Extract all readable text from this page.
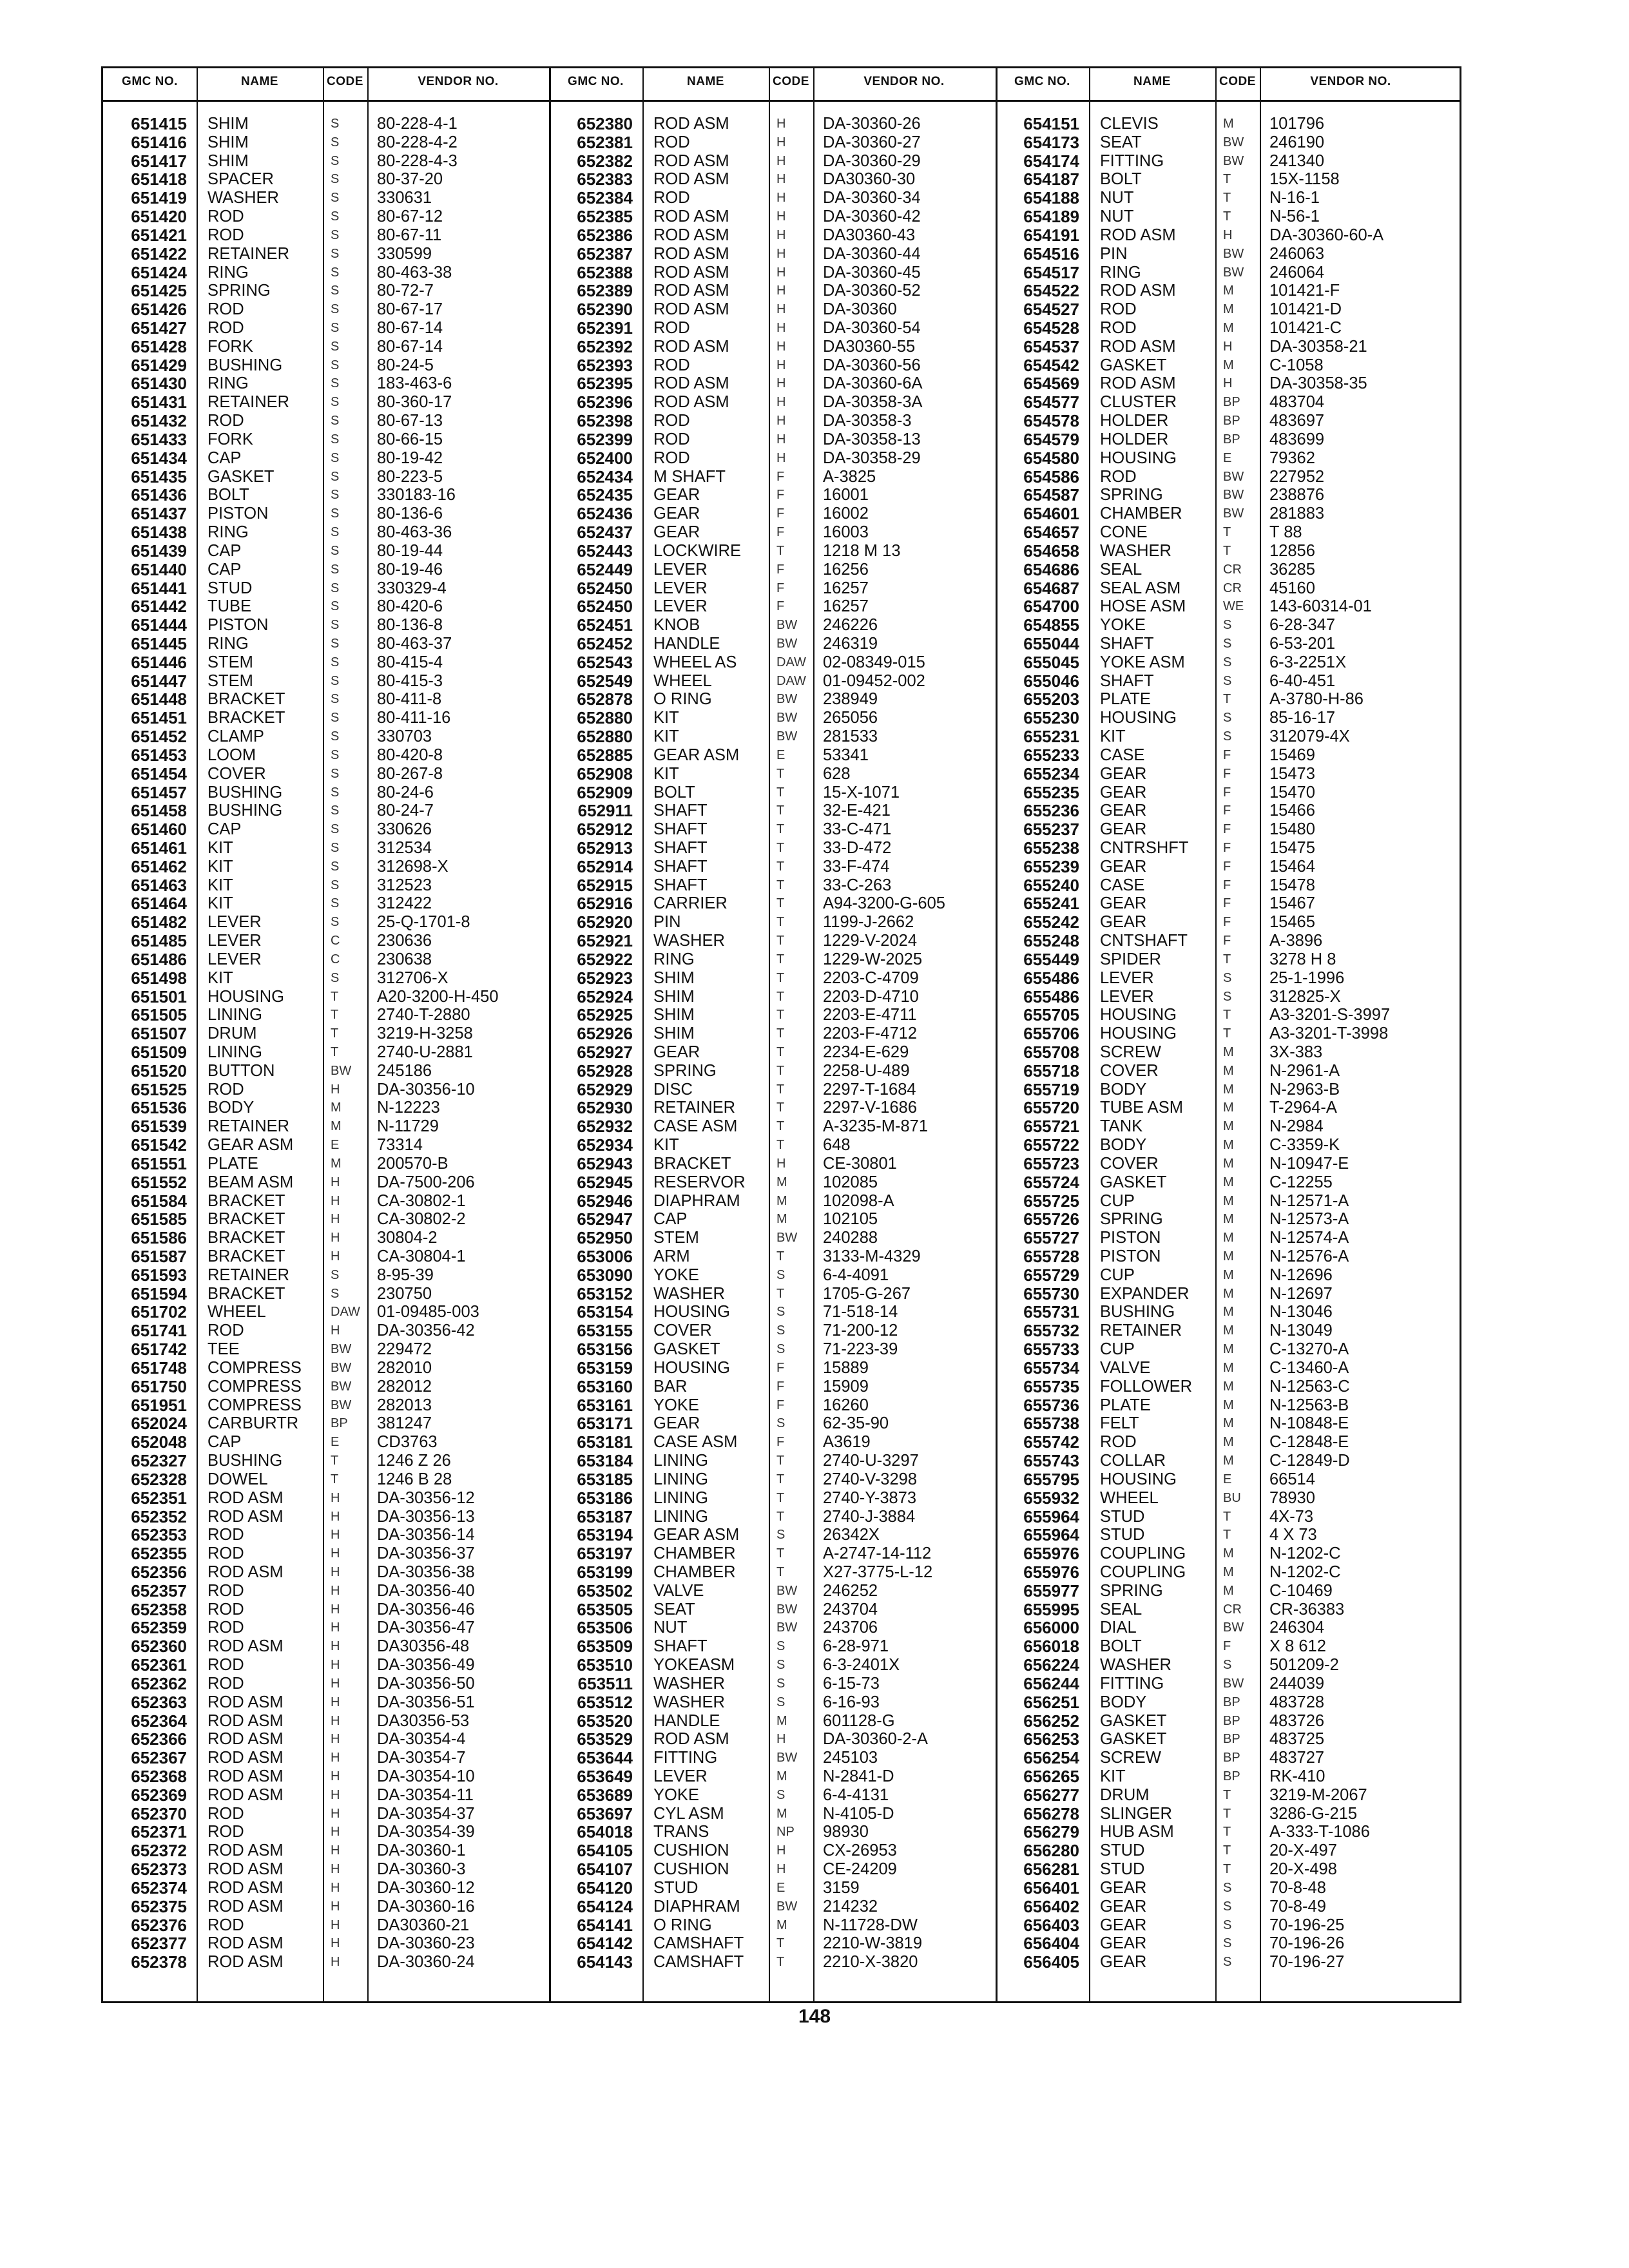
GMC NO.	NAME	CODE	VENDOR NO.	GMC NO.	NAME	CODE	VENDOR NO.	GMC NO.	NAME	CODE	VENDOR NO.
651415 SHIM	S	80-228-4-1
651416 SHIM	S	80-228-4-2
651417 SHIM	S	80-228-4-3
651418 SPACER	S	80-37-20
651419 WASHER	S	330631
651420 ROD	S	80-67-12
651421 ROD	S	80-67-11
651422 RETAINER	S	330599
651424 RING	S	80-463-38
651425 SPRING	S	80-72-7
651426 ROD	S	80-67-17
651427 ROD	S	80-67-14
651428 FORK	S	80-67-14
651429 BUSHING	S	80-24-5
651430 RING	S	183-463-6
651431 RETAINER	S	80-360-17
651432 ROD	S	80-67-13
651433 FORK	S	80-66-15
651434 CAP	S	80-19-42
651435 GASKET	S	80-223-5
651436 BOLT	S	330183-16
651437 PISTON	S	80-136-6
651438 RING	S	80-463-36
651439 CAP	S	80-19-44
651440 CAP	S	80-19-46
651441 STUD	S	330329-4
651442 TUBE	S	80-420-6
651444 PISTON	S	80-136-8
651445 RING	S	80-463-37
651446 STEM	S	80-415-4
651447 STEM	S	80-415-3
651448 BRACKET	S	80-411-8
651451 BRACKET	S	80-411-16
651452 CLAMP	S	330703
651453 LOOM	S	80-420-8
651454 COVER	S	80-267-8
651457 BUSHING	S	80-24-6
651458 BUSHING	S	80-24-7
651460 CAP	S	330626
651461 KIT	S	312534
651462 KIT	S	312698-X
651463 KIT	S	312523
651464 KIT	S	312422
651482 LEVER	S	25-Q-1701-8
651485 LEVER	C	230636
651486 LEVER	C	230638
651498 KIT	S	312706-X
651501 HOUSING	T	A20-3200-H-450
651505 LINING	T	2740-T-2880
651507 DRUM	T	3219-H-3258
651509 LINING	T	2740-U-2881
651520 BUTTON	BW	245186
651525 ROD	H	DA-30356-10
651536 BODY	M	N-12223
651539 RETAINER	M	N-11729
651542 GEAR ASM	E	73314
651551 PLATE	M	200570-B
651552 BEAM ASM	H	DA-7500-206
651584 BRACKET	H	CA-30802-1
651585 BRACKET	H	CA-30802-2
651586 BRACKET	H	30804-2
651587 BRACKET	H	CA-30804-1
651593 RETAINER	S	8-95-39
651594 BRACKET	S	230750
651702 WHEEL	DAW	01-09485-003
651741 ROD	H	DA-30356-42
651742 TEE	BW	229472
651748 COMPRESS	BW	282010
651750 COMPRESS	BW	282012
651951 COMPRESS	BW	282013
652024 CARBURTR	BP	381247
652048 CAP	E	CD3763
652327 BUSHING	T	1246 Z 26
652328 DOWEL	T	1246 B 28
652351 ROD ASM	H	DA-30356-12
652352 ROD ASM	H	DA-30356-13
652353 ROD	H	DA-30356-14
652355 ROD	H	DA-30356-37
652356 ROD ASM	H	DA-30356-38
652357 ROD	H	DA-30356-40
652358 ROD	H	DA-30356-46
652359 ROD	H	DA-30356-47
652360 ROD ASM	H	DA30356-48
652361 ROD	H	DA-30356-49
652362 ROD	H	DA-30356-50
652363 ROD ASM	H	DA-30356-51
652364 ROD ASM	H	DA30356-53
652366 ROD ASM	H	DA-30354-4
652367 ROD ASM	H	DA-30354-7
652368 ROD ASM	H	DA-30354-10
652369 ROD ASM	H	DA-30354-11
652370 ROD	H	DA-30354-37
652371 ROD	H	DA-30354-39
652372 ROD ASM	H	DA-30360-1
652373 ROD ASM	H	DA-30360-3
652374 ROD ASM	H	DA-30360-12
652375 ROD ASM	H	DA-30360-16
652376 ROD	H	DA30360-21
652377 ROD ASM	H	DA-30360-23
652378 ROD ASM	H	DA-30360-24
652380 ROD ASM	H	DA-30360-26
652381 ROD	H	DA-30360-27
652382 ROD ASM	H	DA-30360-29
652383 ROD ASM	H	DA30360-30
652384 ROD	H	DA-30360-34
652385 ROD ASM	H	DA-30360-42
652386 ROD ASM	H	DA30360-43
652387 ROD ASM	H	DA-30360-44
652388 ROD ASM	H	DA-30360-45
652389 ROD ASM	H	DA-30360-52
652390 ROD ASM	H	DA-30360
652391 ROD	H	DA-30360-54
652392 ROD ASM	H	DA30360-55
652393 ROD	H	DA-30360-56
652395 ROD ASM	H	DA-30360-6A
652396 ROD ASM	H	DA-30358-3A
652398 ROD	H	DA-30358-3
652399 ROD	H	DA-30358-13
652400 ROD	H	DA-30358-29
652434 M SHAFT	F	A-3825
652435 GEAR	F	16001
652436 GEAR	F	16002
652437 GEAR	F	16003
652443 LOCKWIRE	T	1218 M 13
652449 LEVER	F	16256
652450 LEVER	F	16257
652450 LEVER	F	16257
652451 KNOB	BW	246226
652452 HANDLE	BW	246319
652543 WHEEL AS	DAW	02-08349-015
652549 WHEEL	DAW	01-09452-002
652878 O RING	BW	238949
652880 KIT	BW	265056
652880 KIT	BW	281533
652885 GEAR ASM	E	53341
652908 KIT	T	628
652909 BOLT	T	15-X-1071
652911 SHAFT	T	32-E-421
652912 SHAFT	T	33-C-471
652913 SHAFT	T	33-D-472
652914 SHAFT	T	33-F-474
652915 SHAFT	T	33-C-263
652916 CARRIER	T	A94-3200-G-605
652920 PIN	T	1199-J-2662
652921 WASHER	T	1229-V-2024
652922 RING	T	1229-W-2025
652923 SHIM	T	2203-C-4709
652924 SHIM	T	2203-D-4710
652925 SHIM	T	2203-E-4711
652926 SHIM	T	2203-F-4712
652927 GEAR	T	2234-E-629
652928 SPRING	T	2258-U-489
652929 DISC	T	2297-T-1684
652930 RETAINER	T	2297-V-1686
652932 CASE ASM	T	A-3235-M-871
652934 KIT	T	648
652943 BRACKET	H	CE-30801
652945 RESERVOR	M	102085
652946 DIAPHRAM	M	102098-A
652947 CAP	M	102105
652950 STEM	BW	240288
653006 ARM	T	3133-M-4329
653090 YOKE	S	6-4-4091
653152 WASHER	T	1705-G-267
653154 HOUSING	S	71-518-14
653155 COVER	S	71-200-12
653156 GASKET	S	71-223-39
653159 HOUSING	F	15889
653160 BAR	F	15909
653161 YOKE	F	16260
653171 GEAR	S	62-35-90
653181 CASE ASM	F	A3619
653184 LINING	T	2740-U-3297
653185 LINING	T	2740-V-3298
653186 LINING	T	2740-Y-3873
653187 LINING	T	2740-J-3884
653194 GEAR ASM	S	26342X
653197 CHAMBER	T	A-2747-14-112
653199 CHAMBER	T	X27-3775-L-12
653502 VALVE	BW	246252
653505 SEAT	BW	243704
653506 NUT	BW	243706
653509 SHAFT	S	6-28-971
653510 YOKEASM	S	6-3-2401X
653511 WASHER	S	6-15-73
653512 WASHER	S	6-16-93
653520 HANDLE	M	601128-G
653529 ROD ASM	H	DA-30360-2-A
653644 FITTING	BW	245103
653649 LEVER	M	N-2841-D
653689 YOKE	S	6-4-4131
653697 CYL ASM	M	N-4105-D
654018 TRANS	NP	98930
654105 CUSHION	H	CX-26953
654107 CUSHION	H	CE-24209
654120 STUD	E	3159
654124 DIAPHRAM	BW	214232
654141 O RING	M	N-11728-DW
654142 CAMSHAFT	T	2210-W-3819
654143 CAMSHAFT	T	2210-X-3820
654151 CLEVIS	M	101796
654173 SEAT	BW	246190
654174 FITTING	BW	241340
654187 BOLT	T	15X-1158
654188 NUT	T	N-16-1
654189 NUT	T	N-56-1
654191 ROD ASM	H	DA-30360-60-A
654516 PIN	BW	246063
654517 RING	BW	246064
654522 ROD ASM	M	101421-F
654527 ROD	M	101421-D
654528 ROD	M	101421-C
654537 ROD ASM	H	DA-30358-21
654542 GASKET	M	C-1058
654569 ROD ASM	H	DA-30358-35
654577 CLUSTER	BP	483704
654578 HOLDER	BP	483697
654579 HOLDER	BP	483699
654580 HOUSING	E	79362
654586 ROD	BW	227952
654587 SPRING	BW	238876
654601 CHAMBER	BW	281883
654657 CONE	T	T 88
654658 WASHER	T	12856
654686 SEAL	CR	36285
654687 SEAL ASM	CR	45160
654700 HOSE ASM	WE	143-60314-01
654855 YOKE	S	6-28-347
655044 SHAFT	S	6-53-201
655045 YOKE ASM	S	6-3-2251X
655046 SHAFT	S	6-40-451
655203 PLATE	T	A-3780-H-86
655230 HOUSING	S	85-16-17
655231 KIT	S	312079-4X
655233 CASE	F	15469
655234 GEAR	F	15473
655235 GEAR	F	15470
655236 GEAR	F	15466
655237 GEAR	F	15480
655238 CNTRSHFT	F	15475
655239 GEAR	F	15464
655240 CASE	F	15478
655241 GEAR	F	15467
655242 GEAR	F	15465
655248 CNTSHAFT	F	A-3896
655449 SPIDER	T	3278 H 8
655486 LEVER	S	25-1-1996
655486 LEVER	S	312825-X
655705 HOUSING	T	A3-3201-S-3997
655706 HOUSING	T	A3-3201-T-3998
655708 SCREW	M	3X-383
655718 COVER	M	N-2961-A
655719 BODY	M	N-2963-B
655720 TUBE ASM	M	T-2964-A
655721 TANK	M	N-2984
655722 BODY	M	C-3359-K
655723 COVER	M	N-10947-E
655724 GASKET	M	C-12255
655725 CUP	M	N-12571-A
655726 SPRING	M	N-12573-A
655727 PISTON	M	N-12574-A
655728 PISTON	M	N-12576-A
655729 CUP	M	N-12696
655730 EXPANDER	M	N-12697
655731 BUSHING	M	N-13046
655732 RETAINER	M	N-13049
655733 CUP	M	C-13270-A
655734 VALVE	M	C-13460-A
655735 FOLLOWER	M	N-12563-C
655736 PLATE	M	N-12563-B
655738 FELT	M	N-10848-E
655742 ROD	M	C-12848-E
655743 COLLAR	M	C-12849-D
655795 HOUSING	E	66514
655932 WHEEL	BU	78930
655964 STUD	T	4X-73
655964 STUD	T	4 X 73
655976 COUPLING	M	N-1202-C
655976 COUPLING	M	N-1202-C
655977 SPRING	M	C-10469
655995 SEAL	CR	CR-36383
656000 DIAL	BW	246304
656018 BOLT	F	X 8 612
656224 WASHER	S	501209-2
656244 FITTING	BW	244039
656251 BODY	BP	483728
656252 GASKET	BP	483726
656253 GASKET	BP	483725
656254 SCREW	BP	483727
656265 KIT	BP	RK-410
656277 DRUM	T	3219-M-2067
656278 SLINGER	T	3286-G-215
656279 HUB ASM	T	A-333-T-1086
656280 STUD	T	20-X-497
656281 STUD	T	20-X-498
656401 GEAR	S	70-8-48
656402 GEAR	S	70-8-49
656403 GEAR	S	70-196-25
656404 GEAR	S	70-196-26
656405 GEAR	S	70-196-27
148
